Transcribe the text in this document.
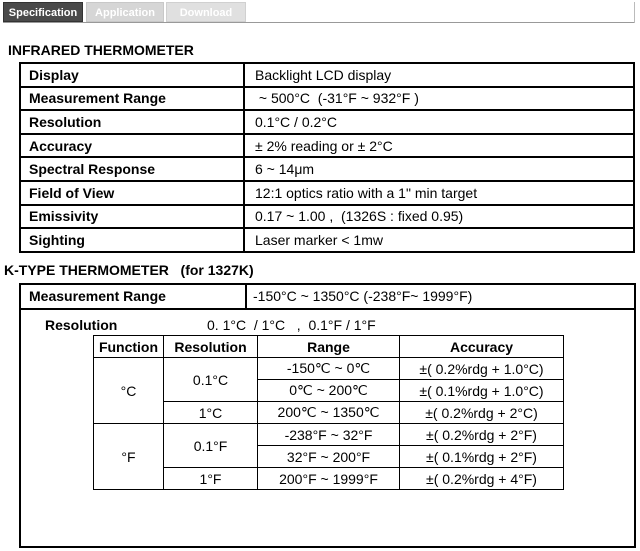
Specification	Application	Download
INFRARED THERMOMETER
Display	Backlight LCD display
Measurement Range	~ 500°C  (-31°F ~ 932°F )
Resolution	0.1°C / 0.2°C
Accuracy	± 2% reading or ± 2°C
Spectral Response	6 ~ 14μm
Field of View	12:1 optics ratio with a 1" min target
Emissivity	0.17 ~ 1.00 ,  (1326S : fixed 0.95)
Sighting	Laser marker < 1mw
K-TYPE THERMOMETER   (for 1327K)
Measurement Range	-150°C ~ 1350°C (-238°F~ 1999°F)
Resolution	0. 1°C  / 1°C   ,  0.1°F / 1°F
Function	Resolution	Range	Accuracy
°C	0.1°C	-150℃ ~ 0℃	±( 0.2%rdg + 1.0°C)
		0℃ ~ 200℃	±( 0.1%rdg + 1.0°C)
	1°C	200℃ ~ 1350℃	±( 0.2%rdg + 2°C)
°F	0.1°F	-238°F ~ 32°F	±( 0.2%rdg + 2°F)
		32°F ~ 200°F	±( 0.1%rdg + 2°F)
	1°F	200°F ~ 1999°F	±( 0.2%rdg + 4°F)
